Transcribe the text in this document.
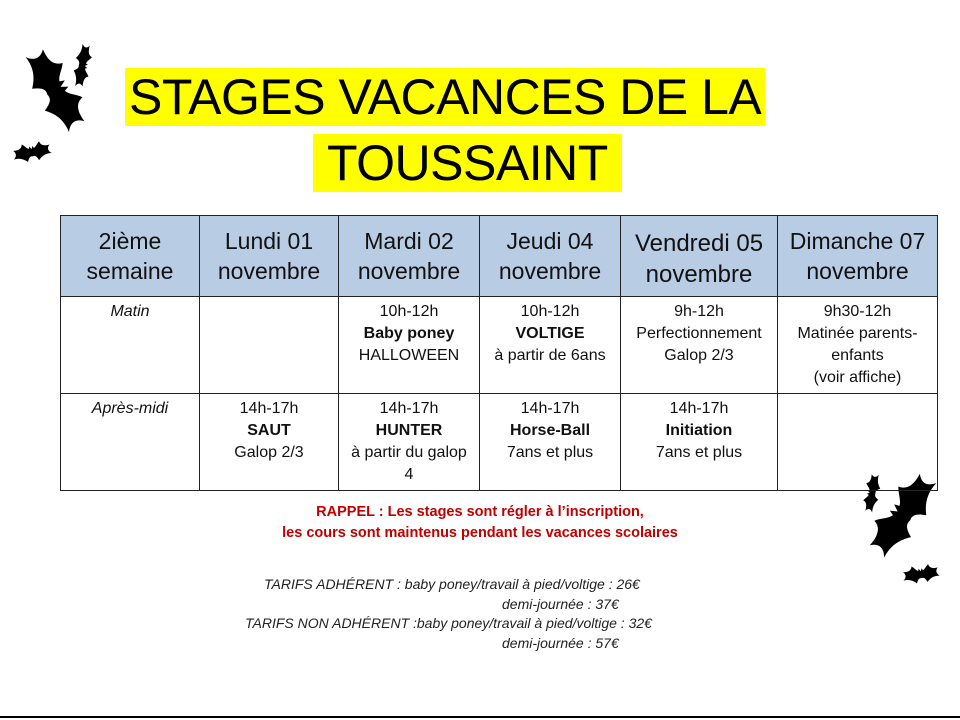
STAGES VACANCES DE LA
TOUSSAINT
2ième
semaine	Lundi 01
novembre	Mardi 02
novembre	Jeudi 04
novembre	Vendredi 05
novembre	Dimanche 07
novembre

Matin		10h-12h
Baby poney
HALLOWEEN	10h-12h
VOLTIGE
à partir de 6ans	9h-12h
Perfectionnement
Galop 2/3	9h30-12h
Matinée parents-
enfants
(voir affiche)

Après-midi	14h-17h
SAUT
Galop 2/3	14h-17h
HUNTER
à partir du galop
4	14h-17h
Horse-Ball
7ans et plus	14h-17h
Initiation
7ans et plus	

RAPPEL : Les stages sont régler à l’inscription,
les cours sont maintenus pendant les vacances scolaires
TARIFS ADHÉRENT : baby poney/travail à pied/voltige : 26€
demi-journée : 37€
TARIFS NON ADHÉRENT :baby poney/travail à pied/voltige : 32€
demi-journée : 57€
